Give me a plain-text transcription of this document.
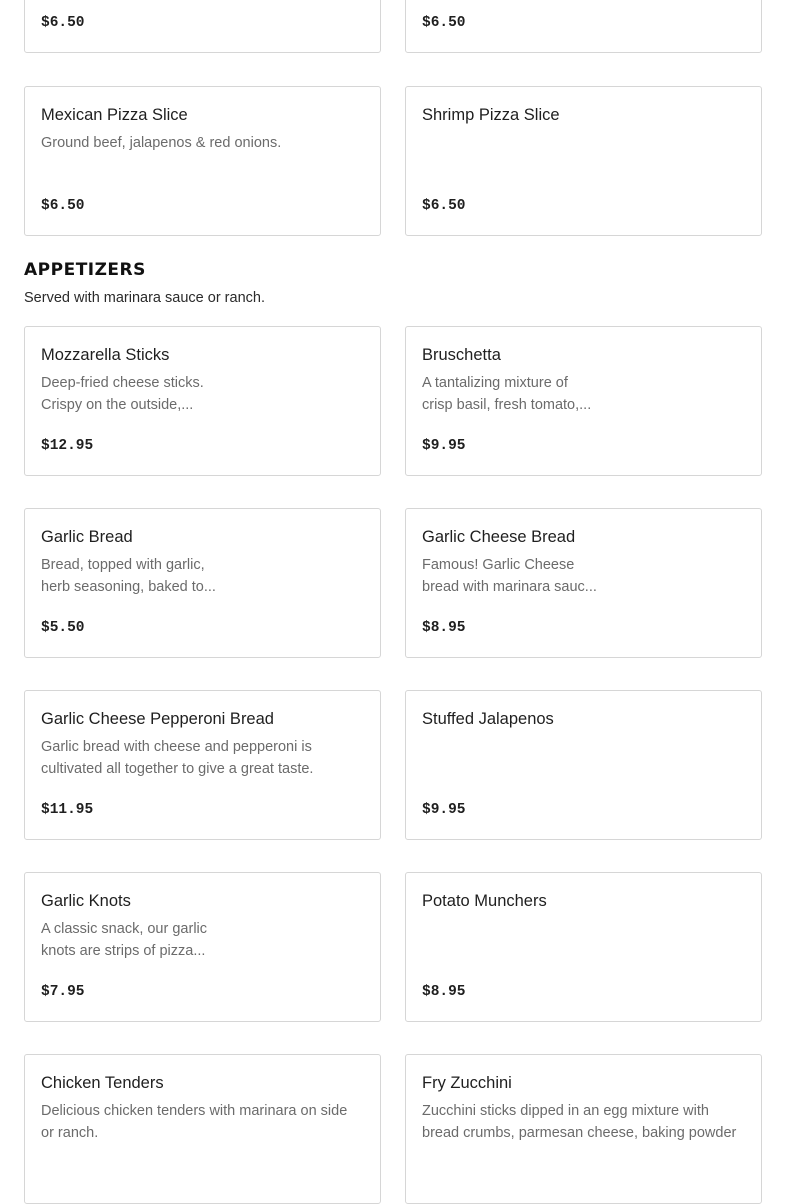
$6.50	$6.50
Mexican Pizza Slice
Ground beef, jalapenos & red onions.
$6.50
Shrimp Pizza Slice
$6.50
APPETIZERS
Served with marinara sauce or ranch.
Mozzarella Sticks
Deep-fried cheese sticks. Crispy on the outside,...
$12.95
Bruschetta
A tantalizing mixture of crisp basil, fresh tomato,...
$9.95
Garlic Bread
Bread, topped with garlic, herb seasoning, baked to...
$5.50
Garlic Cheese Bread
Famous! Garlic Cheese bread with marinara sauc...
$8.95
Garlic Cheese Pepperoni Bread
Garlic bread with cheese and pepperoni is cultivated all together to give a great taste.
$11.95
Stuffed Jalapenos
$9.95
Garlic Knots
A classic snack, our garlic knots are strips of pizza...
$7.95
Potato Munchers
$8.95
Chicken Tenders
Delicious chicken tenders with marinara on side or ranch.
Fry Zucchini
Zucchini sticks dipped in an egg mixture with bread crumbs, parmesan cheese, baking powder
